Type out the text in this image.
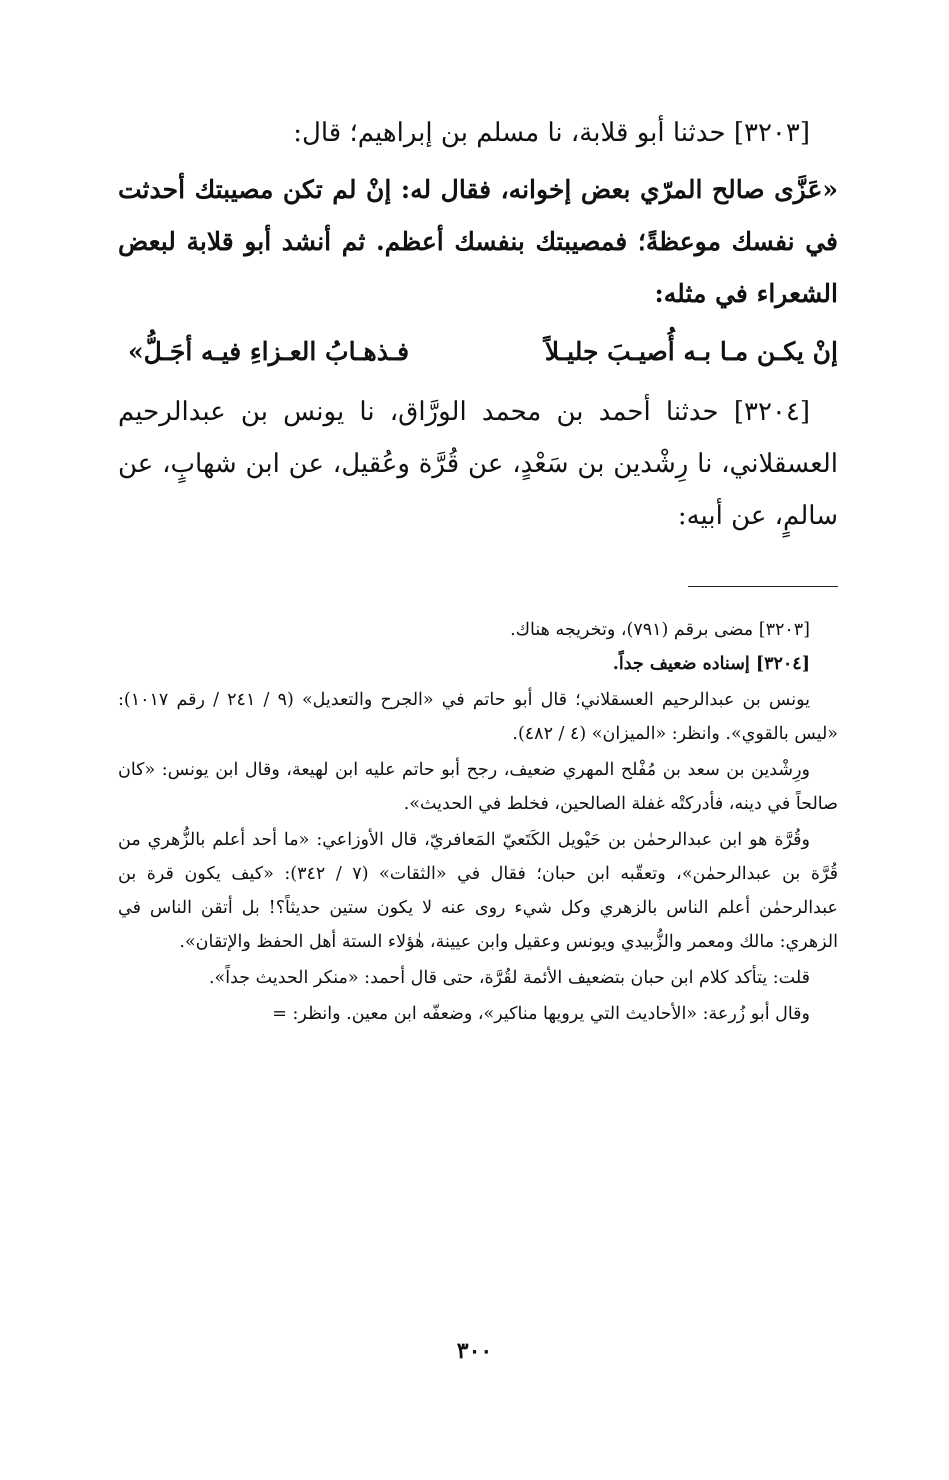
[٣٢٠٣] حدثنا أبو قلابة، نا مسلم بن إبراهيم؛ قال:

«عَزَّى صالح المرّي بعض إخوانه، فقال له: إنْ لم تكن مصيبتك أحدثت في نفسك موعظةً؛ فمصيبتك بنفسك أعظم. ثم أنشد أبو قلابة لبعض الشعراء في مثله:

إنْ يكـن مـا بـه أُصيـبَ جليـلاً
فـذهـابُ العـزاءِ فيـه أجَـلُّ»

[٣٢٠٤] حدثنا أحمد بن محمد الورَّاق، نا يونس بن عبدالرحيم العسقلاني، نا رِشْدين بن سَعْدٍ، عن قُرَّة وعُقيل، عن ابن شهابٍ، عن سالمٍ، عن أبيه:

[٣٢٠٣] مضى برقم (٧٩١)، وتخريجه هناك.

[٣٢٠٤] إسناده ضعيف جداً.

يونس بن عبدالرحيم العسقلاني؛ قال أبو حاتم في «الجرح والتعديل» (٩ / ٢٤١ / رقم ١٠١٧): «ليس بالقوي». وانظر: «الميزان» (٤ / ٤٨٢).

ورِشْدين بن سعد بن مُفْلح المهري ضعيف، رجح أبو حاتم عليه ابن لهيعة، وقال ابن يونس: «كان صالحاً في دينه، فأدركتْه غفلة الصالحين، فخلط في الحديث».

وقُرَّة هو ابن عبدالرحمٰن بن حَيْويل الكَتَعيّ المَعافريّ، قال الأوزاعي: «ما أحد أعلم بالزُّهري من قُرَّة بن عبدالرحمٰن»، وتعقّبه ابن حبان؛ فقال في «الثقات» (٧ / ٣٤٢): «كيف يكون قرة بن عبدالرحمٰن أعلم الناس بالزهري وكل شيء روى عنه لا يكون ستين حديثاً؟! بل أتقن الناس في الزهري: مالك ومعمر والزُّبيدي ويونس وعقيل وابن عيينة، هٰؤلاء الستة أهل الحفظ والإتقان».

قلت: يتأكد كلام ابن حبان بتضعيف الأئمة لقُرَّة، حتى قال أحمد: «منكر الحديث جداً».

وقال أبو زُرعة: «الأحاديث التي يرويها مناكير»، وضعفّه ابن معين. وانظر: =

٣٠٠
